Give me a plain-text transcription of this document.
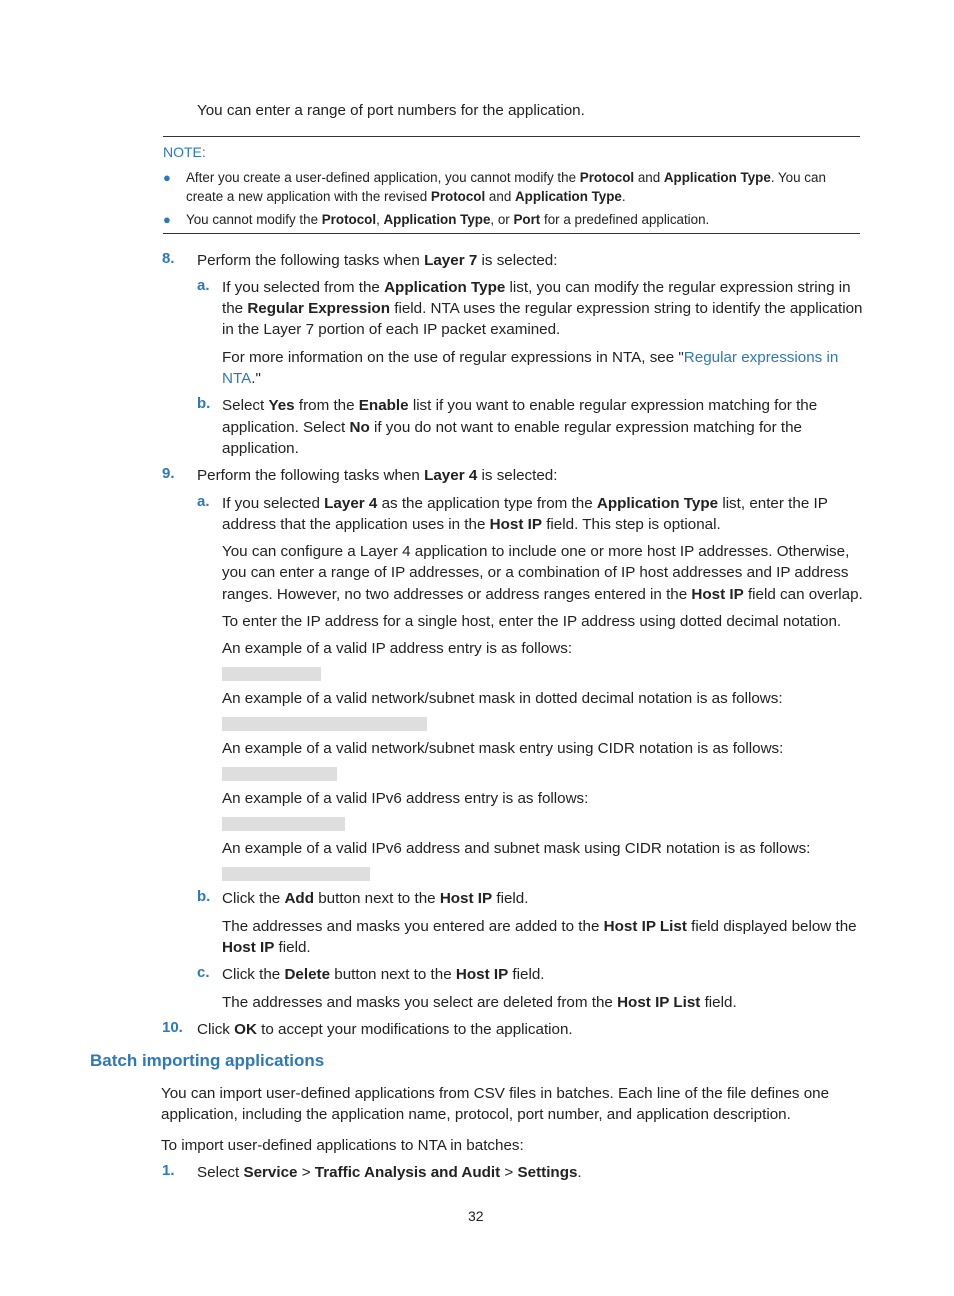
You can enter a range of port numbers for the application.
NOTE:
● After you create a user-defined application, you cannot modify the Protocol and Application Type. You can
create a new application with the revised Protocol and Application Type.
● You cannot modify the Protocol, Application Type, or Port for a predefined application.
8. Perform the following tasks when Layer 7 is selected:
a. If you selected from the Application Type list, you can modify the regular expression string in
the Regular Expression field. NTA uses the regular expression string to identify the application
in the Layer 7 portion of each IP packet examined.
For more information on the use of regular expressions in NTA, see "Regular expressions in
NTA."
b. Select Yes from the Enable list if you want to enable regular expression matching for the
application. Select No if you do not want to enable regular expression matching for the
application.
9. Perform the following tasks when Layer 4 is selected:
a. If you selected Layer 4 as the application type from the Application Type list, enter the IP
address that the application uses in the Host IP field. This step is optional.
You can configure a Layer 4 application to include one or more host IP addresses. Otherwise,
you can enter a range of IP addresses, or a combination of IP host addresses and IP address
ranges. However, no two addresses or address ranges entered in the Host IP field can overlap.
To enter the IP address for a single host, enter the IP address using dotted decimal notation.
An example of a valid IP address entry is as follows:
An example of a valid network/subnet mask in dotted decimal notation is as follows:
An example of a valid network/subnet mask entry using CIDR notation is as follows:
An example of a valid IPv6 address entry is as follows:
An example of a valid IPv6 address and subnet mask using CIDR notation is as follows:
b. Click the Add button next to the Host IP field.
The addresses and masks you entered are added to the Host IP List field displayed below the
Host IP field.
c. Click the Delete button next to the Host IP field.
The addresses and masks you select are deleted from the Host IP List field.
10. Click OK to accept your modifications to the application.
Batch importing applications
You can import user-defined applications from CSV files in batches. Each line of the file defines one
application, including the application name, protocol, port number, and application description.
To import user-defined applications to NTA in batches:
1. Select Service > Traffic Analysis and Audit > Settings.
32
